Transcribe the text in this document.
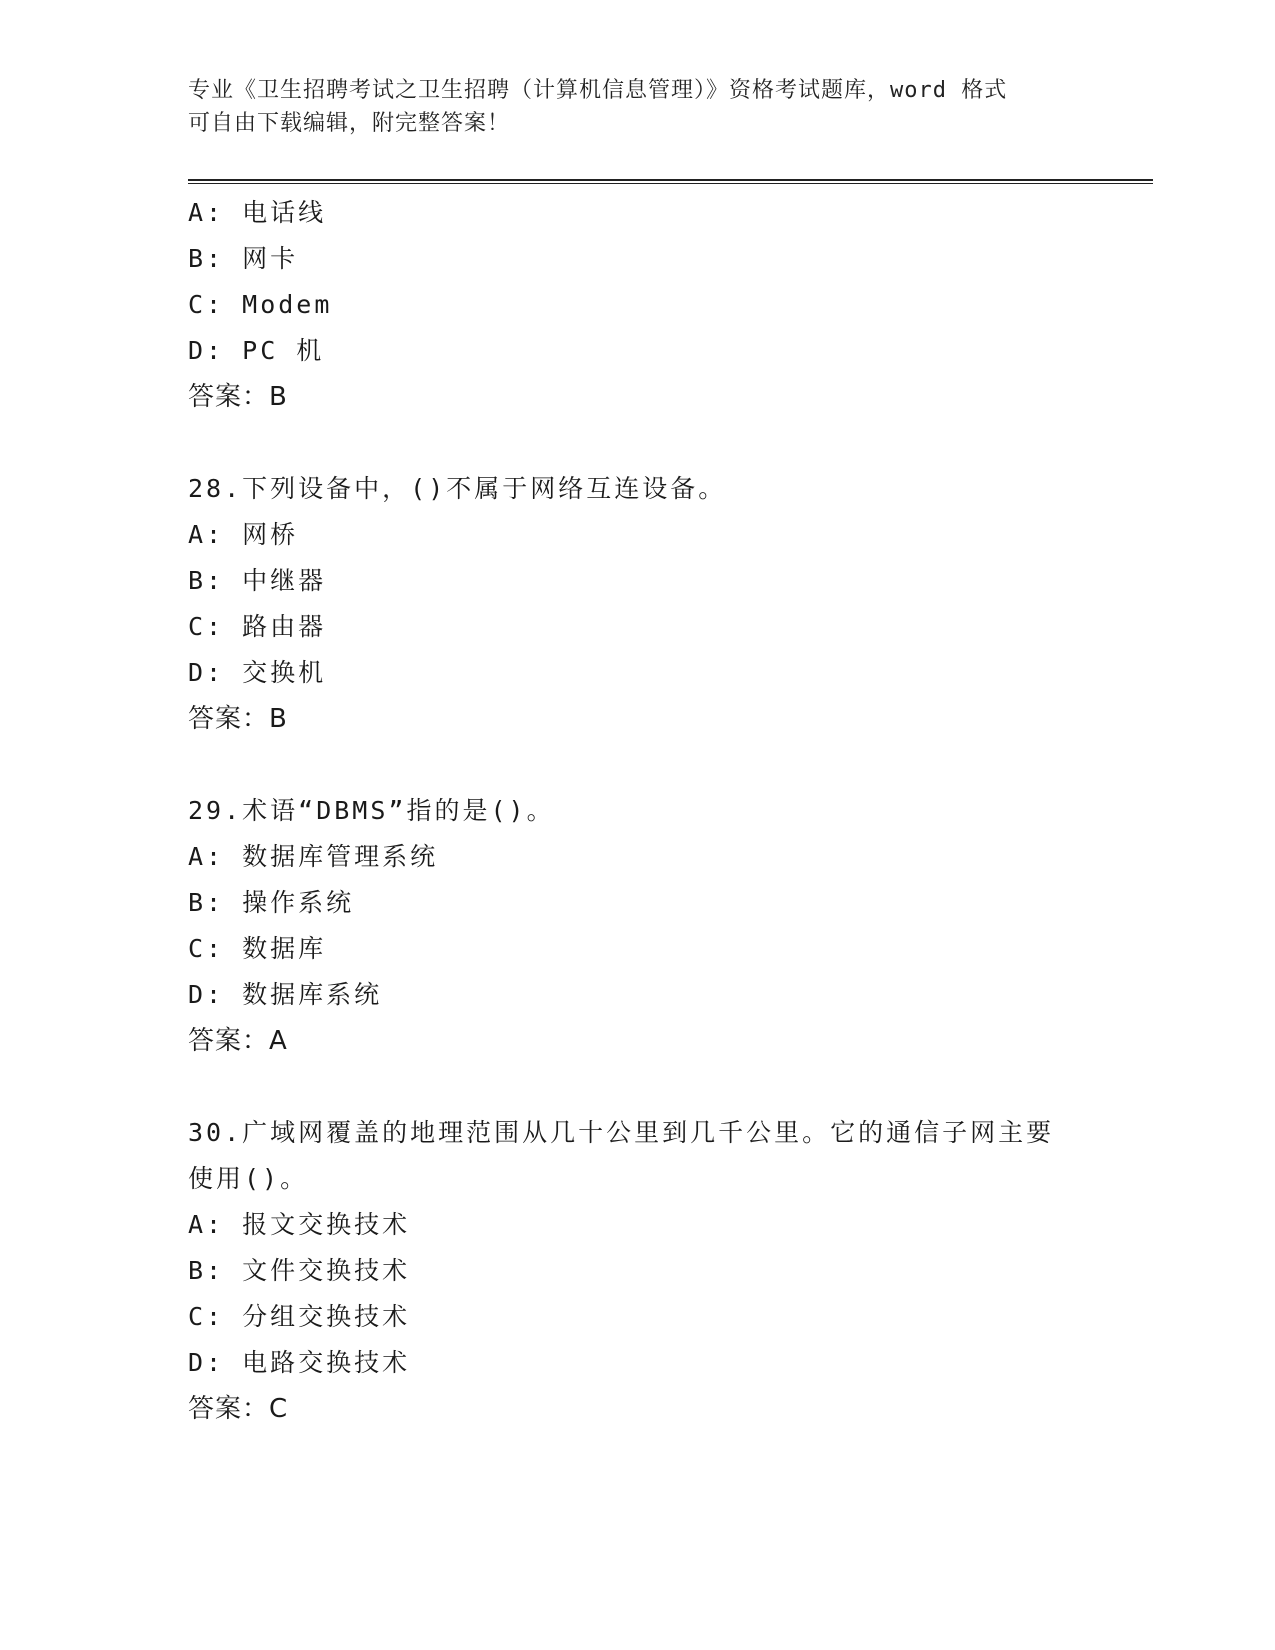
专业《卫生招聘考试之卫生招聘（计算机信息管理）》资格考试题库，word 格式
可自由下载编辑，附完整答案！
A: 电话线
B: 网卡
C: Modem
D: PC 机
答案：B
28.下列设备中，()不属于网络互连设备。
A: 网桥
B: 中继器
C: 路由器
D: 交换机
答案：B
29.术语“DBMS”指的是()。
A: 数据库管理系统
B: 操作系统
C: 数据库
D: 数据库系统
答案：A
30.广域网覆盖的地理范围从几十公里到几千公里。它的通信子网主要使用()。
A: 报文交换技术
B: 文件交换技术
C: 分组交换技术
D: 电路交换技术
答案：C
